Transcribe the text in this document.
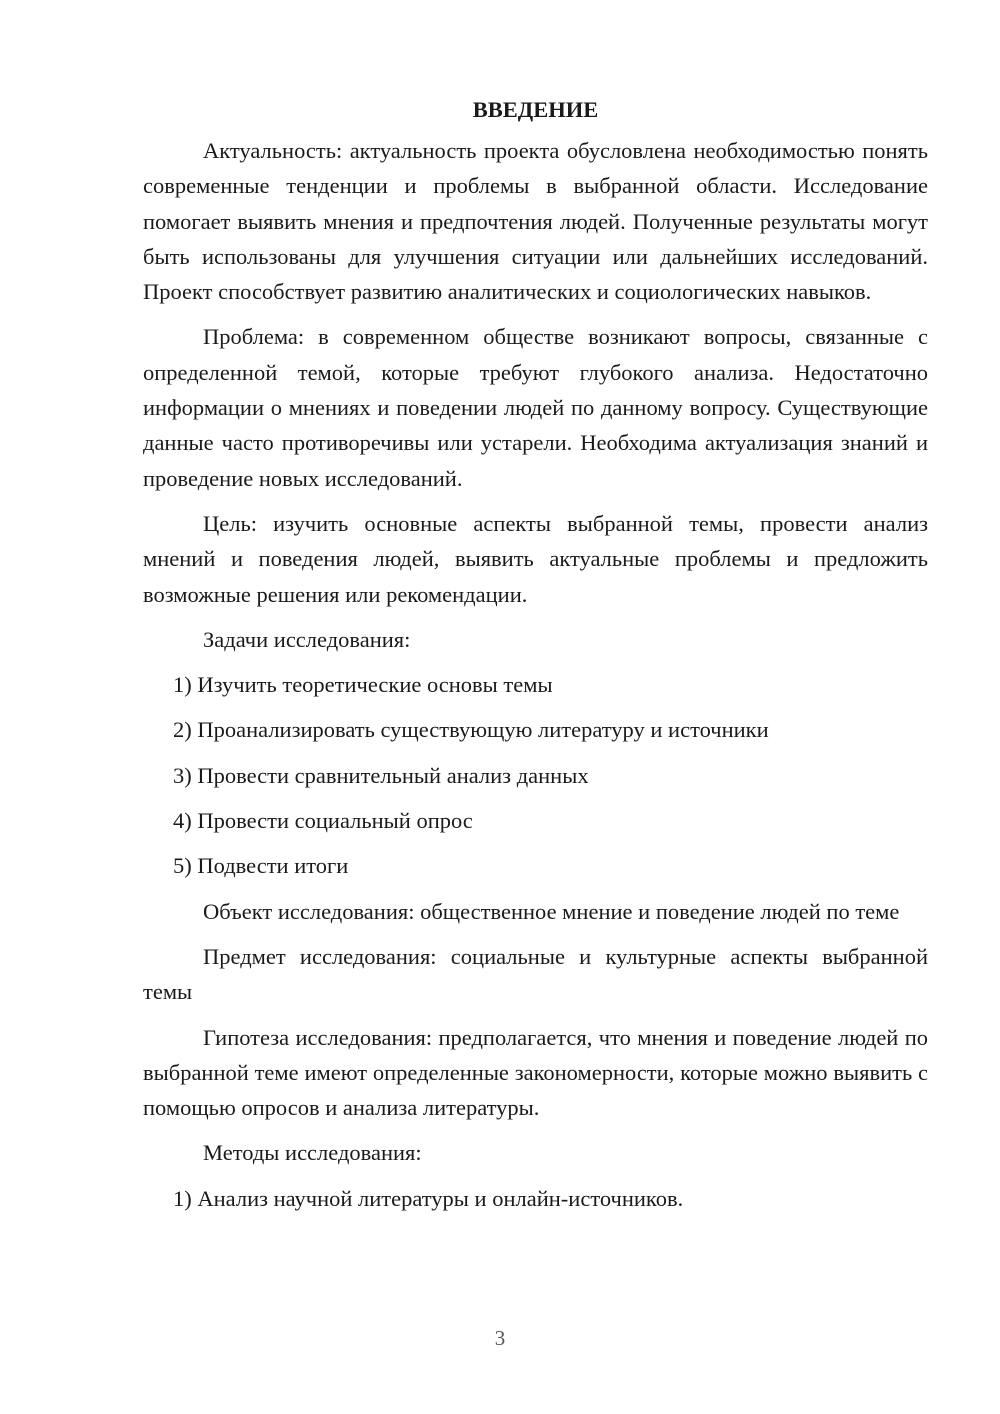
ВВЕДЕНИЕ

Актуальность: актуальность проекта обусловлена необходимостью понять современные тенденции и проблемы в выбранной области. Исследование помогает выявить мнения и предпочтения людей. Полученные результаты могут быть использованы для улучшения ситуации или дальнейших исследований. Проект способствует развитию аналитических и социологических навыков.

Проблема: в современном обществе возникают вопросы, связанные с определенной темой, которые требуют глубокого анализа. Недостаточно информации о мнениях и поведении людей по данному вопросу. Существующие данные часто противоречивы или устарели. Необходима актуализация знаний и проведение новых исследований.

Цель: изучить основные аспекты выбранной темы, провести анализ мнений и поведения людей, выявить актуальные проблемы и предложить возможные решения или рекомендации.

Задачи исследования:

1) Изучить теоретические основы темы
2) Проанализировать существующую литературу и источники
3) Провести сравнительный анализ данных
4) Провести социальный опрос
5) Подвести итоги

Объект исследования: общественное мнение и поведение людей по теме

Предмет исследования: социальные и культурные аспекты выбранной темы

Гипотеза исследования: предполагается, что мнения и поведение людей по выбранной теме имеют определенные закономерности, которые можно выявить с помощью опросов и анализа литературы.

Методы исследования:

1) Анализ научной литературы и онлайн-источников.
3
